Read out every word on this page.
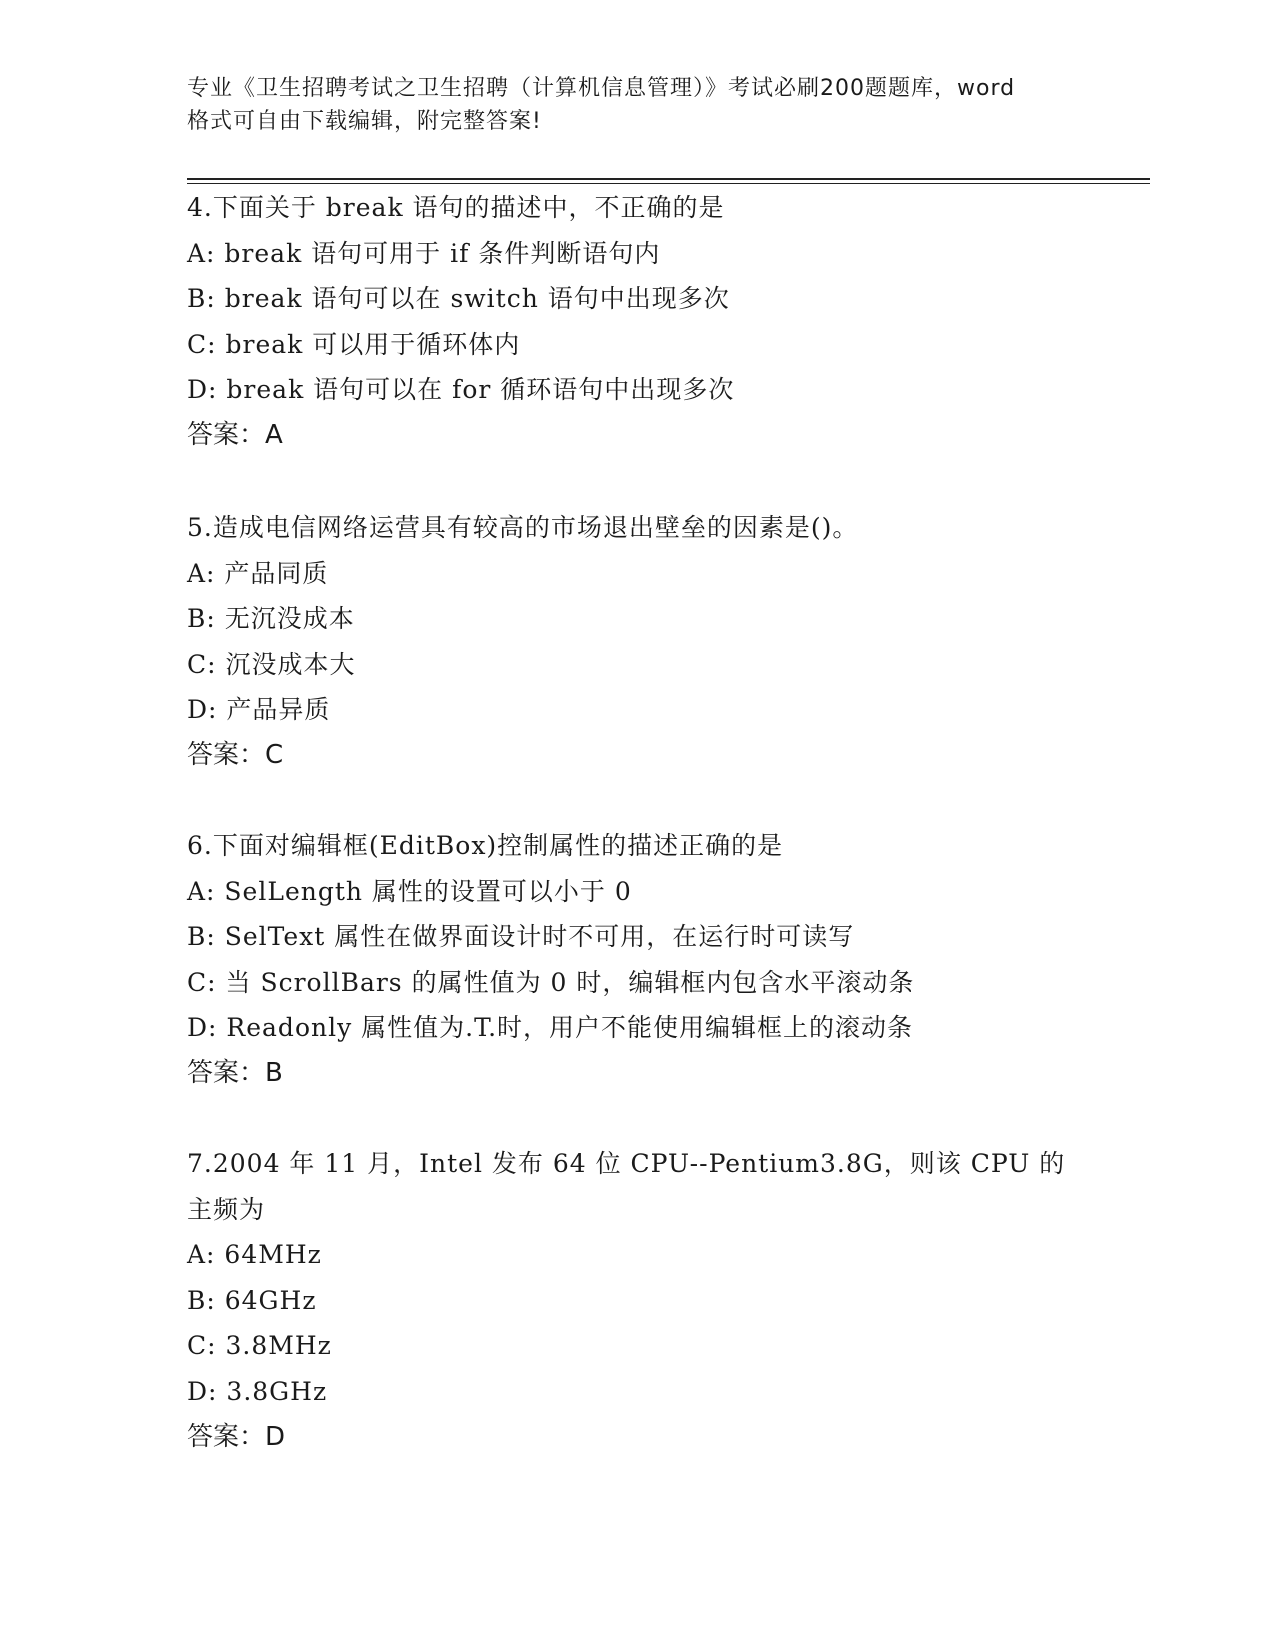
专业《卫生招聘考试之卫生招聘（计算机信息管理）》考试必刷200题题库，word
格式可自由下载编辑，附完整答案!
4.下面关于 break 语句的描述中，不正确的是
A: break 语句可用于 if 条件判断语句内
B: break 语句可以在 switch 语句中出现多次
C: break 可以用于循环体内
D: break 语句可以在 for 循环语句中出现多次
答案：A
5.造成电信网络运营具有较高的市场退出壁垒的因素是()。
A: 产品同质
B: 无沉没成本
C: 沉没成本大
D: 产品异质
答案：C
6.下面对编辑框(EditBox)控制属性的描述正确的是
A: SelLength 属性的设置可以小于 0
B: SelText 属性在做界面设计时不可用，在运行时可读写
C: 当 ScrollBars 的属性值为 0 时，编辑框内包含水平滚动条
D: Readonly 属性值为.T.时，用户不能使用编辑框上的滚动条
答案：B
7.2004 年 11 月，Intel 发布 64 位 CPU--Pentium3.8G，则该 CPU 的主频为
A: 64MHz
B: 64GHz
C: 3.8MHz
D: 3.8GHz
答案：D
